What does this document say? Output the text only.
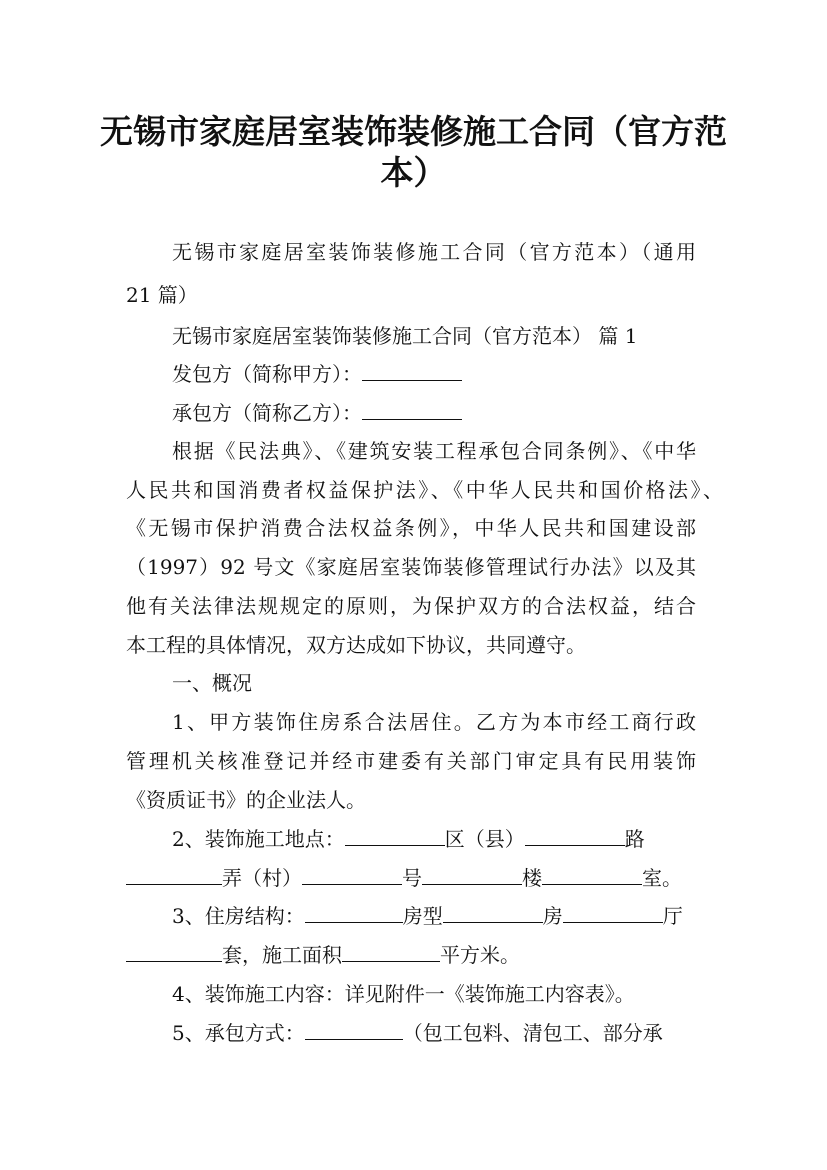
无锡市家庭居室装饰装修施工合同（官方范
本）
无锡市家庭居室装饰装修施工合同（官方范本）（通用
21 篇）
无锡市家庭居室装饰装修施工合同（官方范本） 篇 1
发包方（简称甲方）：
承包方（简称乙方）：
根据《民法典》、《建筑安装工程承包合同条例》、《中华
人民共和国消费者权益保护法》、《中华人民共和国价格法》、
《无锡市保护消费合法权益条例》，中华人民共和国建设部
（1997）92 号文《家庭居室装饰装修管理试行办法》以及其
他有关法律法规规定的原则，为保护双方的合法权益，结合
本工程的具体情况，双方达成如下协议，共同遵守。
一、概况
1、甲方装饰住房系合法居住。乙方为本市经工商行政
管理机关核准登记并经市建委有关部门审定具有民用装饰
《资质证书》的企业法人。
2、装饰施工地点：	区（县）	路
弄（村）	号	楼	室。
3、住房结构：	房型	房	厅
套，施工面积	平方米。
4、装饰施工内容：详见附件一《装饰施工内容表》。
5、承包方式：	（包工包料、清包工、部分承
